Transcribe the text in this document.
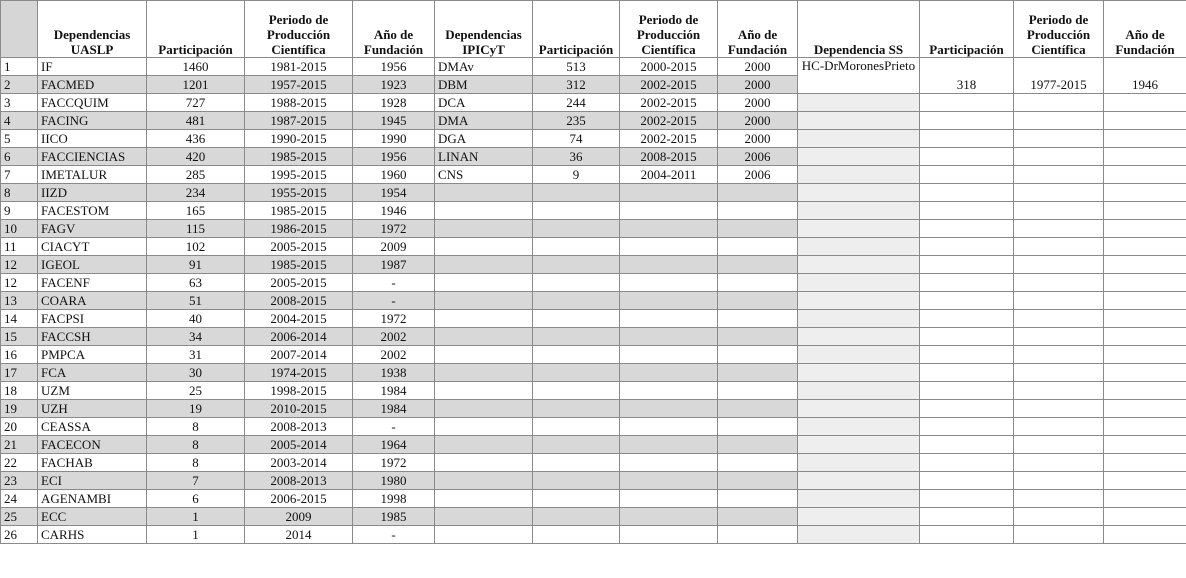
	Dependencias UASLP	Participación	Periodo de Producción Científica	Año de Fundación	Dependencias IPICyT	Participación	Periodo de Producción Científica	Año de Fundación	Dependencia SS	Participación	Periodo de Producción Científica	Año de Fundación
1	IF	1460	1981-2015	1956	DMAv	513	2000-2015	2000	HC-DrMoronesPrieto	318	1977-2015	1946
2	FACMED	1201	1957-2015	1923	DBM	312	2002-2015	2000				
3	FACCQUIM	727	1988-2015	1928	DCA	244	2002-2015	2000				
4	FACING	481	1987-2015	1945	DMA	235	2002-2015	2000				
5	IICO	436	1990-2015	1990	DGA	74	2002-2015	2000				
6	FACCIENCIAS	420	1985-2015	1956	LINAN	36	2008-2015	2006				
7	IMETALUR	285	1995-2015	1960	CNS	9	2004-2011	2006				
8	IIZD	234	1955-2015	1954								
9	FACESTOM	165	1985-2015	1946								
10	FAGV	115	1986-2015	1972								
11	CIACYT	102	2005-2015	2009								
12	IGEOL	91	1985-2015	1987								
12	FACENF	63	2005-2015	-								
13	COARA	51	2008-2015	-								
14	FACPSI	40	2004-2015	1972								
15	FACCSH	34	2006-2014	2002								
16	PMPCA	31	2007-2014	2002								
17	FCA	30	1974-2015	1938								
18	UZM	25	1998-2015	1984								
19	UZH	19	2010-2015	1984								
20	CEASSA	8	2008-2013	-								
21	FACECON	8	2005-2014	1964								
22	FACHAB	8	2003-2014	1972								
23	ECI	7	2008-2013	1980								
24	AGENAMBI	6	2006-2015	1998								
25	ECC	1	2009	1985								
26	CARHS	1	2014	-								
